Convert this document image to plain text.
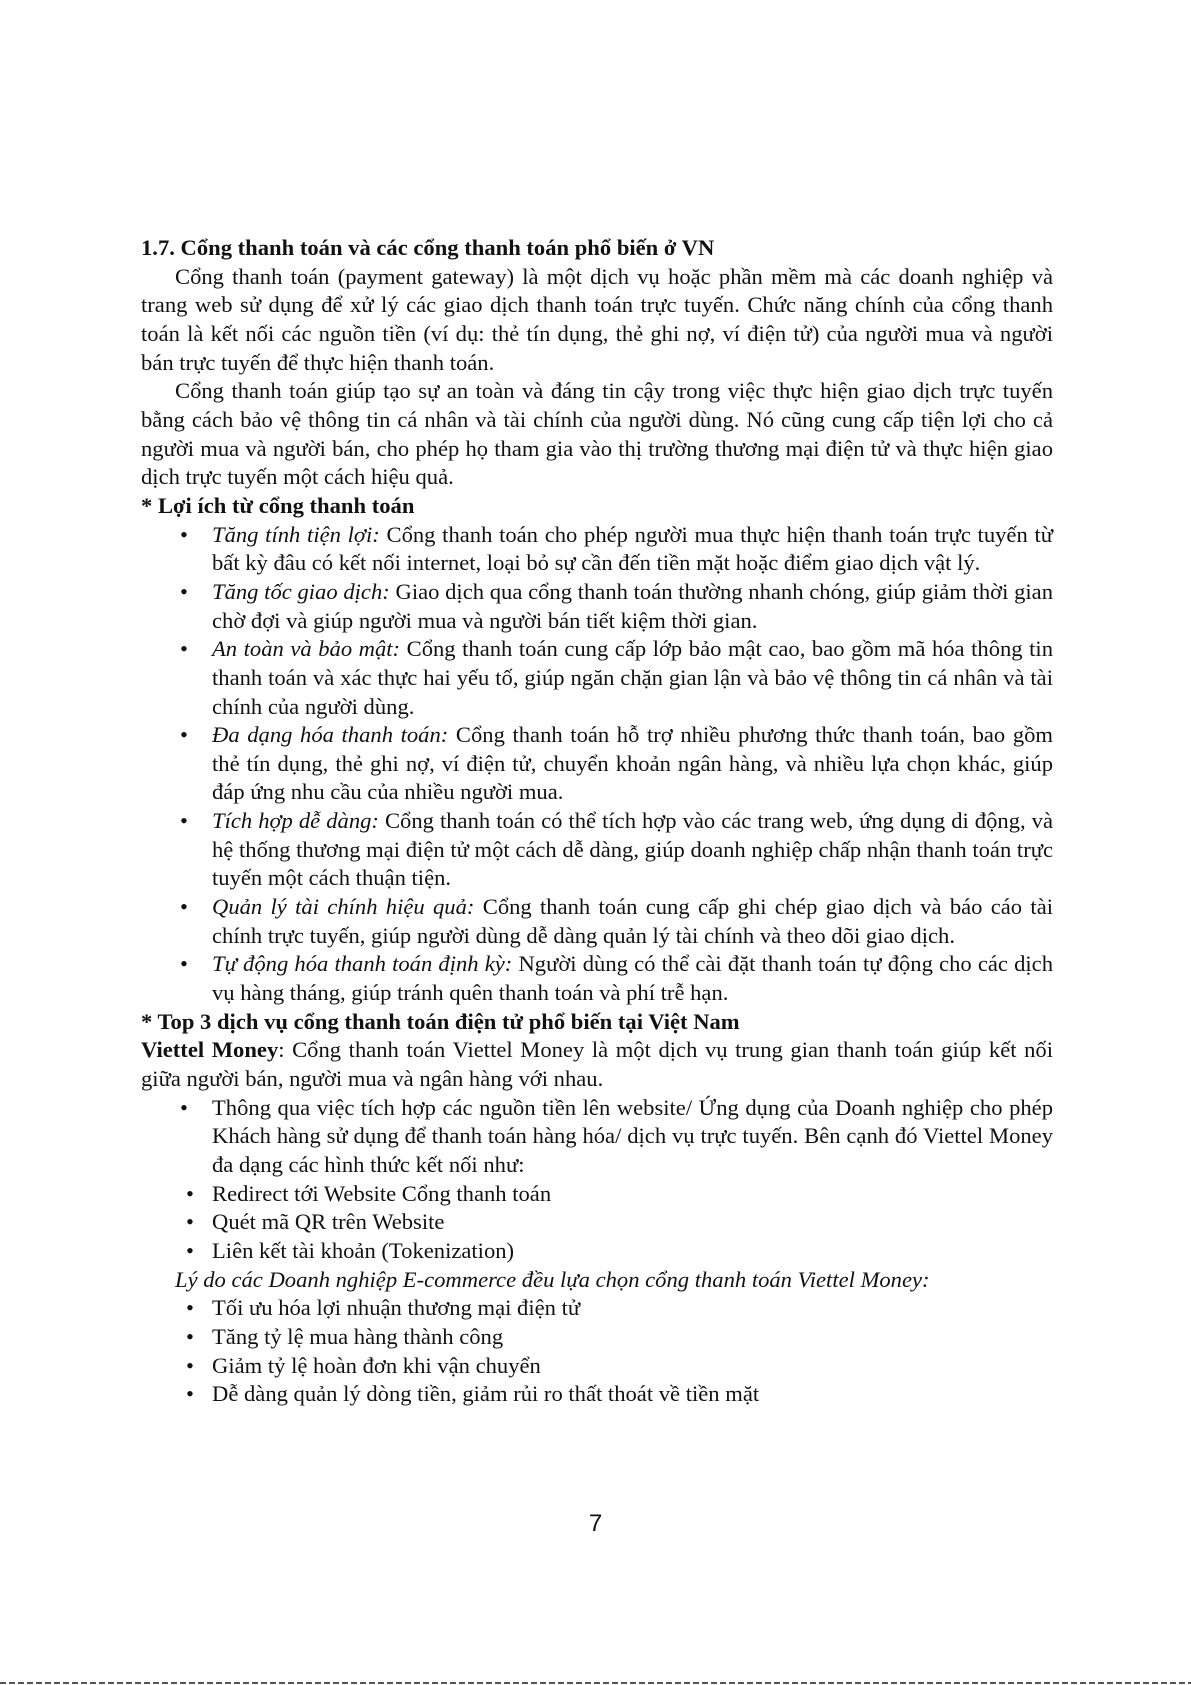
1.7. Cổng thanh toán và các cổng thanh toán phổ biến ở VN

Cổng thanh toán (payment gateway) là một dịch vụ hoặc phần mềm mà các doanh nghiệp và trang web sử dụng để xử lý các giao dịch thanh toán trực tuyến. Chức năng chính của cổng thanh toán là kết nối các nguồn tiền (ví dụ: thẻ tín dụng, thẻ ghi nợ, ví điện tử) của người mua và người bán trực tuyến để thực hiện thanh toán.

Cổng thanh toán giúp tạo sự an toàn và đáng tin cậy trong việc thực hiện giao dịch trực tuyến bằng cách bảo vệ thông tin cá nhân và tài chính của người dùng. Nó cũng cung cấp tiện lợi cho cả người mua và người bán, cho phép họ tham gia vào thị trường thương mại điện tử và thực hiện giao dịch trực tuyến một cách hiệu quả.

* Lợi ích từ cổng thanh toán
•	Tăng tính tiện lợi: Cổng thanh toán cho phép người mua thực hiện thanh toán trực tuyến từ bất kỳ đâu có kết nối internet, loại bỏ sự cần đến tiền mặt hoặc điểm giao dịch vật lý.
•	Tăng tốc giao dịch: Giao dịch qua cổng thanh toán thường nhanh chóng, giúp giảm thời gian chờ đợi và giúp người mua và người bán tiết kiệm thời gian.
•	An toàn và bảo mật: Cổng thanh toán cung cấp lớp bảo mật cao, bao gồm mã hóa thông tin thanh toán và xác thực hai yếu tố, giúp ngăn chặn gian lận và bảo vệ thông tin cá nhân và tài chính của người dùng.
•	Đa dạng hóa thanh toán: Cổng thanh toán hỗ trợ nhiều phương thức thanh toán, bao gồm thẻ tín dụng, thẻ ghi nợ, ví điện tử, chuyển khoản ngân hàng, và nhiều lựa chọn khác, giúp đáp ứng nhu cầu của nhiều người mua.
•	Tích hợp dễ dàng: Cổng thanh toán có thể tích hợp vào các trang web, ứng dụng di động, và hệ thống thương mại điện tử một cách dễ dàng, giúp doanh nghiệp chấp nhận thanh toán trực tuyến một cách thuận tiện.
•	Quản lý tài chính hiệu quả: Cổng thanh toán cung cấp ghi chép giao dịch và báo cáo tài chính trực tuyến, giúp người dùng dễ dàng quản lý tài chính và theo dõi giao dịch.
•	Tự động hóa thanh toán định kỳ: Người dùng có thể cài đặt thanh toán tự động cho các dịch vụ hàng tháng, giúp tránh quên thanh toán và phí trễ hạn.
* Top 3 dịch vụ cổng thanh toán điện tử phổ biến tại Việt Nam

Viettel Money: Cổng thanh toán Viettel Money là một dịch vụ trung gian thanh toán giúp kết nối giữa người bán, người mua và ngân hàng với nhau.

•	Thông qua việc tích hợp các nguồn tiền lên website/ Ứng dụng của Doanh nghiệp cho phép Khách hàng sử dụng để thanh toán hàng hóa/ dịch vụ trực tuyến. Bên cạnh đó Viettel Money đa dạng các hình thức kết nối như:
• Redirect tới Website Cổng thanh toán
• Quét mã QR trên Website
• Liên kết tài khoản (Tokenization)
Lý do các Doanh nghiệp E-commerce đều lựa chọn cổng thanh toán Viettel Money:
• Tối ưu hóa lợi nhuận thương mại điện tử
• Tăng tỷ lệ mua hàng thành công
• Giảm tỷ lệ hoàn đơn khi vận chuyển
• Dễ dàng quản lý dòng tiền, giảm rủi ro thất thoát về tiền mặt
7
